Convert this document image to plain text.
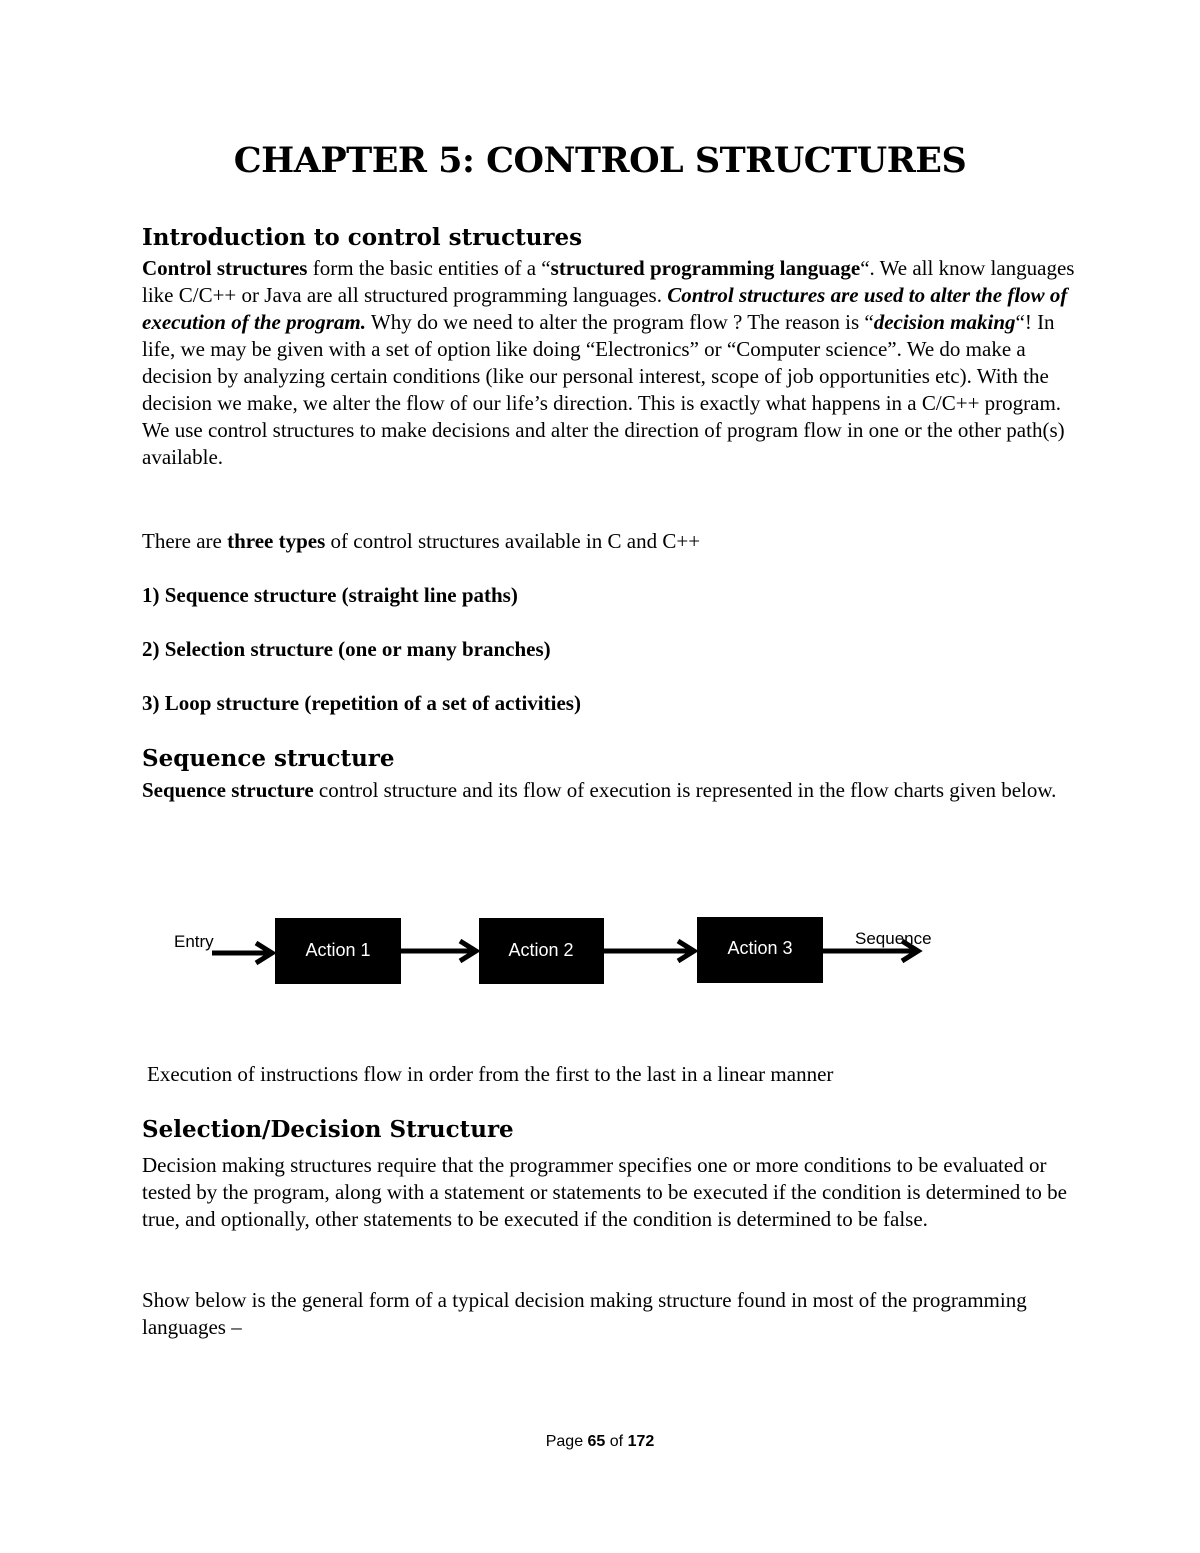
CHAPTER 5: CONTROL STRUCTURES
Introduction to control structures
Control structures form the basic entities of a “structured programming language“. We all know languages like C/C++ or Java are all structured programming languages. Control structures are used to alter the flow of execution of the program. Why do we need to alter the program flow ? The reason is “decision making“! In life, we may be given with a set of option like doing “Electronics” or “Computer science”. We do make a decision by analyzing certain conditions (like our personal interest, scope of job opportunities etc). With the decision we make, we alter the flow of our life’s direction. This is exactly what happens in a C/C++ program. We use control structures to make decisions and alter the direction of program flow in one or the other path(s) available.
There are three types of control structures available in C and C++
1) Sequence structure (straight line paths)
2) Selection structure (one or many branches)
3) Loop structure (repetition of a set of activities)
Sequence structure
Sequence structure control structure and its flow of execution is represented in the flow charts given below.
Action 1	Action 2	Action 3
Entry	Sequence
Execution of instructions flow in order from the first to the last in a linear manner
Selection/Decision Structure
Decision making structures require that the programmer specifies one or more conditions to be evaluated or tested by the program, along with a statement or statements to be executed if the condition is determined to be true, and optionally, other statements to be executed if the condition is determined to be false.
Show below is the general form of a typical decision making structure found in most of the programming languages –
Page 65 of 172
